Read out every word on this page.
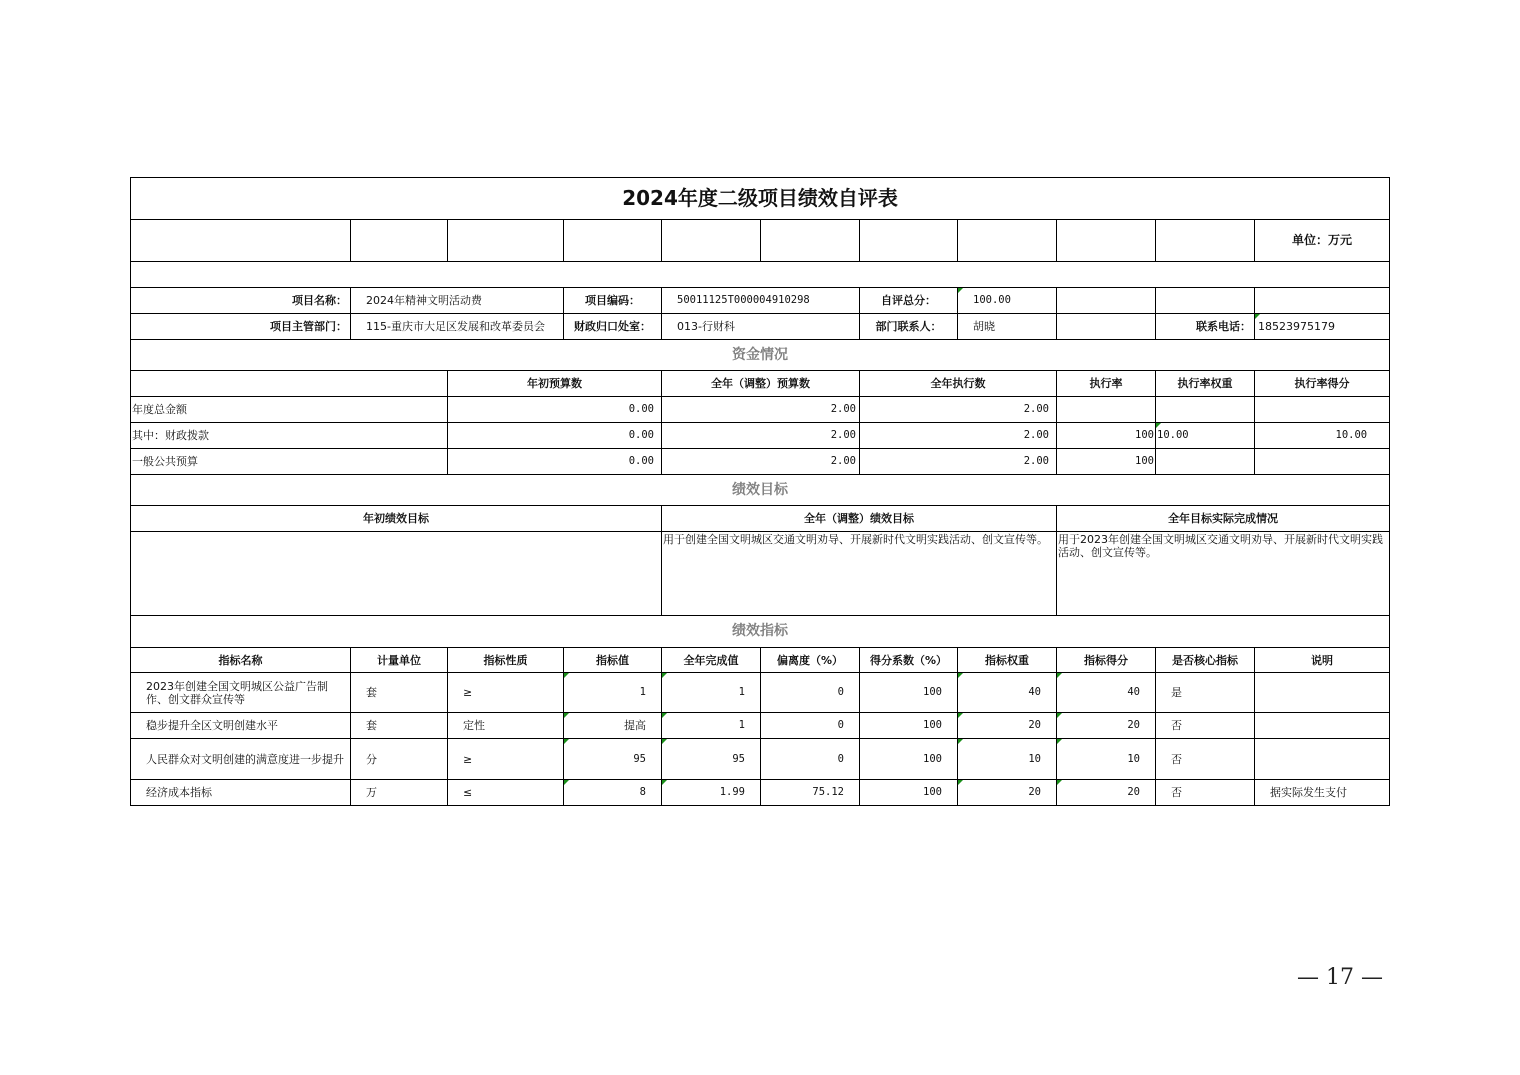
2024年度二级项目绩效自评表										
										单位：万元

项目名称：	2024年精神文明活动费		项目编码：	50011125T000004910298		自评总分：	100.00			
项目主管部门：	115-重庆市大足区发展和改革委员会		财政归口处室：	013-行财科		部门联系人：	胡晓		联系电话：	18523975179
资金情况										
		年初预算数		全年（调整）预算数		全年执行数		执行率	执行率权重	执行率得分
年度总金额		0.00		2.00		2.00				
其中：财政拨款		0.00		2.00		2.00		100	10.00	10.00
一般公共预算		0.00		2.00		2.00		100		
绩效目标										
年初绩效目标				全年（调整）绩效目标				全年目标实际完成情况		
				用于创建全国文明城区交通文明劝导、开展新时代文明实践活动、创文宣传等。				用于2023年创建全国文明城区交通文明劝导、开展新时代文明实践活动、创文宣传等。		
绩效指标										
指标名称	计量单位	指标性质	指标值	全年完成值	偏离度（%）	得分系数（%）	指标权重	指标得分	是否核心指标	说明
2023年创建全国文明城区公益广告制作、创文群众宣传等	套	≥	1	1	0	100	40	40	是	
稳步提升全区文明创建水平	套	定性	提高	1	0	100	20	20	否	
人民群众对文明创建的满意度进一步提升	分	≥	95	95	0	100	10	10	否	
经济成本指标	万	≤	8	1.99	75.12	100	20	20	否	据实际发生支付
— 17 —
